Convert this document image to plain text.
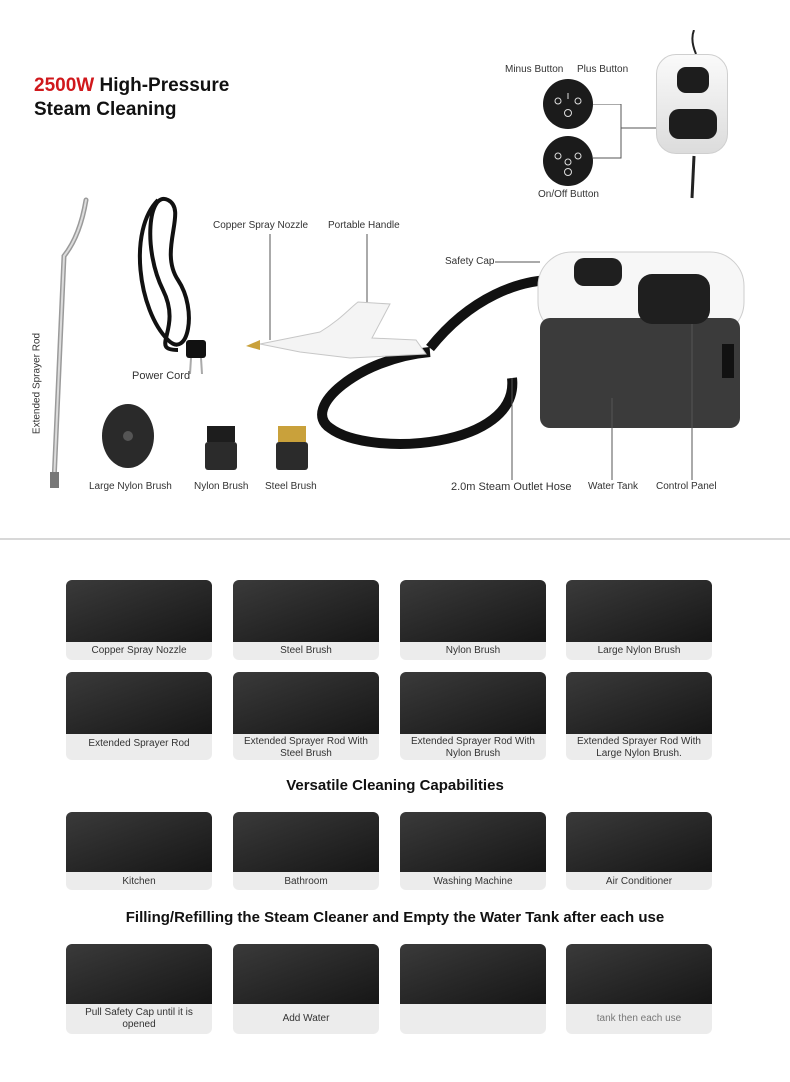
2500W High-Pressure
Steam Cleaning
Minus Button Plus Button
On/Off Button
Extended Sprayer Rod	Power Cord
Large Nylon Brush Nylon Brush Steel Brush
Copper Spray Nozzle Portable Handle
Safety Cap
2.0m Steam Outlet Hose Water Tank Control Panel
Copper Spray Nozzle	Steel Brush	Nylon Brush	Large Nylon Brush
Extended Sprayer Rod	Extended Sprayer Rod With Steel Brush
Extended Sprayer Rod With Nylon Brush
Extended Sprayer Rod With Large Nylon Brush.
Versatile Cleaning Capabilities
Kitchen	Bathroom	Washing Machine	Air Conditioner
Filling/Refilling the Steam Cleaner and Empty the Water Tank after each use
Pull Safety Cap until it is opened
Add Water	tank then each use
